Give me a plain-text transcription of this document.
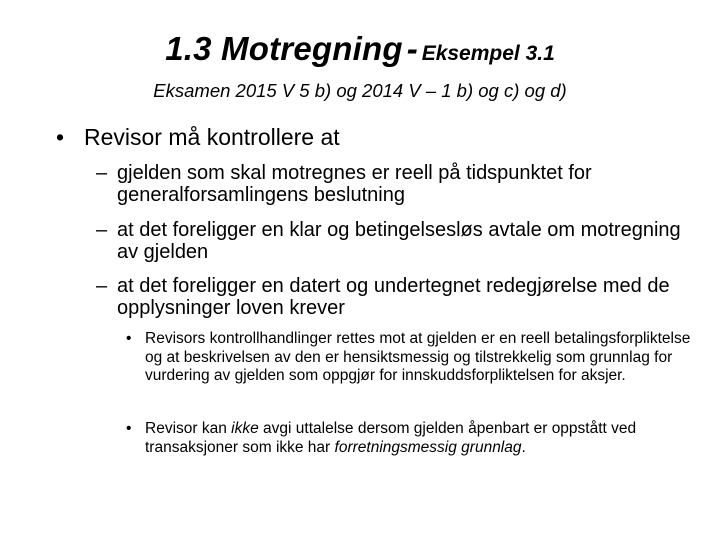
1.3 Motregning - Eksempel 3.1
Eksamen 2015 V 5 b) og 2014 V – 1 b) og c) og d)
• Revisor må kontrollere at
– gjelden som skal motregnes er reell på tidspunktet for generalforsamlingens beslutning
– at det foreligger en klar og betingelsesløs avtale om motregning av gjelden
– at det foreligger en datert og undertegnet redegjørelse med de opplysninger loven krever
• Revisors kontrollhandlinger rettes mot at gjelden er en reell betalingsforpliktelse og at beskrivelsen av den er hensiktsmessig og tilstrekkelig som grunnlag for vurdering av gjelden som oppgjør for innskuddsforpliktelsen for aksjer.
• Revisor kan ikke avgi uttalelse dersom gjelden åpenbart er oppstått ved transaksjoner som ikke har forretningsmessig grunnlag.
